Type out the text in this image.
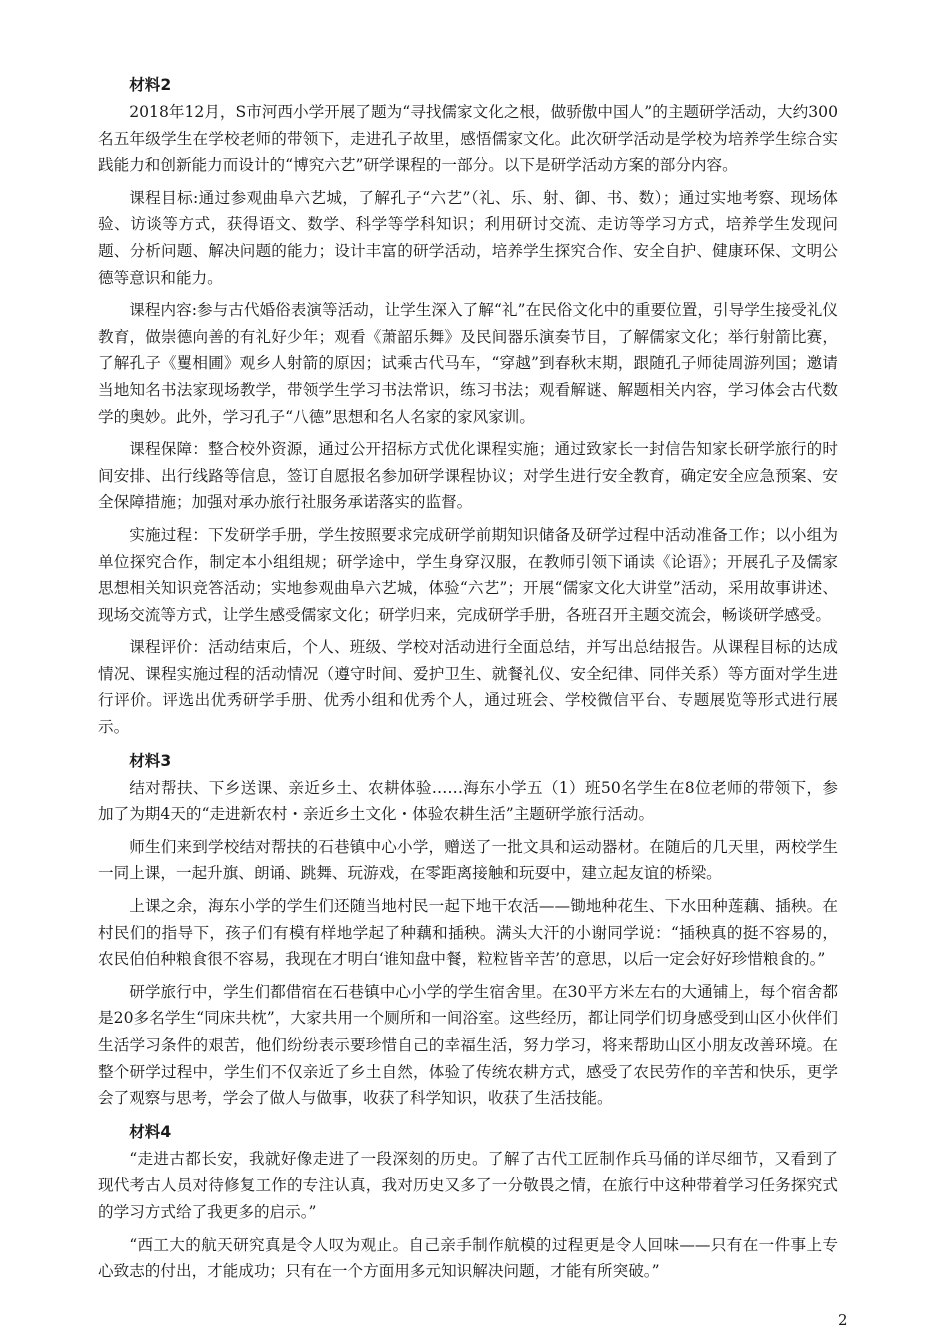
材料2

2018年12月，S市河西小学开展了题为“寻找儒家文化之根，做骄傲中国人”的主题研学活动，大约300名五年级学生在学校老师的带领下，走进孔子故里，感悟儒家文化。此次研学活动是学校为培养学生综合实践能力和创新能力而设计的“博究六艺”研学课程的一部分。以下是研学活动方案的部分内容。

课程目标:通过参观曲阜六艺城，了解孔子“六艺”（礼、乐、射、御、书、数）；通过实地考察、现场体验、访谈等方式，获得语文、数学、科学等学科知识；利用研讨交流、走访等学习方式，培养学生发现问题、分析问题、解决问题的能力；设计丰富的研学活动，培养学生探究合作、安全自护、健康环保、文明公德等意识和能力。

课程内容:参与古代婚俗表演等活动，让学生深入了解“礼”在民俗文化中的重要位置，引导学生接受礼仪教育，做崇德向善的有礼好少年；观看《萧韶乐舞》及民间器乐演奏节目，了解儒家文化；举行射箭比赛，了解孔子《矍相圃》观乡人射箭的原因；试乘古代马车，“穿越”到春秋末期，跟随孔子师徒周游列国；邀请当地知名书法家现场教学，带领学生学习书法常识，练习书法；观看解谜、解题相关内容，学习体会古代数学的奥妙。此外，学习孔子“八德”思想和名人名家的家风家训。

课程保障：整合校外资源，通过公开招标方式优化课程实施；通过致家长一封信告知家长研学旅行的时间安排、出行线路等信息，签订自愿报名参加研学课程协议；对学生进行安全教育，确定安全应急预案、安全保障措施；加强对承办旅行社服务承诺落实的监督。

实施过程：下发研学手册，学生按照要求完成研学前期知识储备及研学过程中活动准备工作；以小组为单位探究合作，制定本小组组规；研学途中，学生身穿汉服，在教师引领下诵读《论语》；开展孔子及儒家思想相关知识竞答活动；实地参观曲阜六艺城，体验“六艺”；开展“儒家文化大讲堂”活动，采用故事讲述、现场交流等方式，让学生感受儒家文化；研学归来，完成研学手册，各班召开主题交流会，畅谈研学感受。

课程评价：活动结束后，个人、班级、学校对活动进行全面总结，并写出总结报告。从课程目标的达成情况、课程实施过程的活动情况（遵守时间、爱护卫生、就餐礼仪、安全纪律、同伴关系）等方面对学生进行评价。评选出优秀研学手册、优秀小组和优秀个人，通过班会、学校微信平台、专题展览等形式进行展示。

材料3

结对帮扶、下乡送课、亲近乡土、农耕体验……海东小学五（1）班50名学生在8位老师的带领下，参加了为期4天的“走进新农村・亲近乡土文化・体验农耕生活”主题研学旅行活动。

师生们来到学校结对帮扶的石巷镇中心小学，赠送了一批文具和运动器材。在随后的几天里，两校学生一同上课，一起升旗、朗诵、跳舞、玩游戏，在零距离接触和玩耍中，建立起友谊的桥梁。

上课之余，海东小学的学生们还随当地村民一起下地干农活——锄地种花生、下水田种莲藕、插秧。在村民们的指导下，孩子们有模有样地学起了种藕和插秧。满头大汗的小谢同学说：“插秧真的挺不容易的，农民伯伯种粮食很不容易，我现在才明白‘谁知盘中餐，粒粒皆辛苦’的意思，以后一定会好好珍惜粮食的。”

研学旅行中，学生们都借宿在石巷镇中心小学的学生宿舍里。在30平方米左右的大通铺上，每个宿舍都是20多名学生“同床共枕”，大家共用一个厕所和一间浴室。这些经历，都让同学们切身感受到山区小伙伴们生活学习条件的艰苦，他们纷纷表示要珍惜自己的幸福生活，努力学习，将来帮助山区小朋友改善环境。在整个研学过程中，学生们不仅亲近了乡土自然，体验了传统农耕方式，感受了农民劳作的辛苦和快乐，更学会了观察与思考，学会了做人与做事，收获了科学知识，收获了生活技能。

材料4

“走进古都长安，我就好像走进了一段深刻的历史。了解了古代工匠制作兵马俑的详尽细节，又看到了现代考古人员对待修复工作的专注认真，我对历史又多了一分敬畏之情，在旅行中这种带着学习任务探究式的学习方式给了我更多的启示。”

“西工大的航天研究真是令人叹为观止。自己亲手制作航模的过程更是令人回味——只有在一件事上专心致志的付出，才能成功；只有在一个方面用多元知识解决问题，才能有所突破。”

2
